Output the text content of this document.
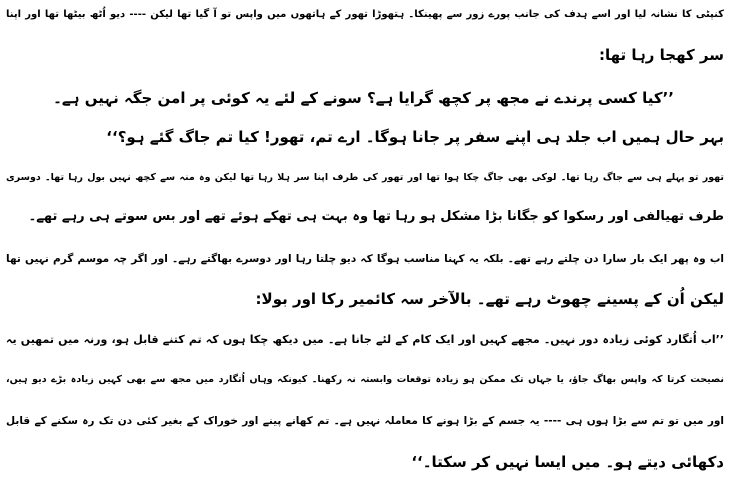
کنپٹی کا نشانہ لیا اور اسے ہدف کی جانب پورے زور سے پھینکا۔ ہتھوڑا تھور کے ہاتھوں میں واپس تو آ گیا تھا لیکن ---- دیو اُٹھ بیٹھا تھا اور اپنا
سر کھجا رہا تھا:
’’کیا کسی پرندے نے مجھ پر کچھ گرایا ہے؟ سونے کے لئے یہ کوئی پر امن جگہ نہیں ہے۔
بہر حال ہمیں اب جلد ہی اپنے سفر پر جانا ہوگا۔ ارے تم، تھور! کیا تم جاگ گئے ہو؟‘‘
تھور تو پہلے ہی سے جاگ رہا تھا۔ لوکی بھی جاگ چکا ہوا تھا اور تھور کی طرف اپنا سر ہلا رہا تھا لیکن وہ منہ سے کچھ نہیں بول رہا تھا۔ دوسری
طرف تھیالفی اور رسکوا کو جگانا بڑا مشکل ہو رہا تھا وہ بہت ہی تھکے ہوئے تھے اور بس سوتے ہی رہے تھے۔
اب وہ پھر ایک بار سارا دن چلتے رہے تھے۔ بلکہ یہ کہنا مناسب ہوگا کہ دیو چلتا رہا اور دوسرے بھاگتے رہے۔ اور اگر چہ موسم گرم نہیں تھا
لیکن اُن کے پسینے چھوٹ رہے تھے۔ بالآخر سہ کائمیر رکا اور بولا:
’’اب اُتگارد کوئی زیادہ دور نہیں۔ مجھے کہیں اور ایک کام کے لئے جانا ہے۔ میں دیکھ چکا ہوں کہ تم کتنے قابل ہو، ورنہ میں تمھیں یہ
نصیحت کرتا کہ واپس بھاگ جاؤ، یا جہاں تک ممکن ہو زیادہ توقعات وابستہ نہ رکھنا۔ کیونکہ وہاں اُتگارد میں مجھ سے بھی کہیں زیادہ بڑے دیو ہیں،
اور میں تو تم سے بڑا ہوں ہی ---- یہ جسم کے بڑا ہونے کا معاملہ نہیں ہے۔ تم کھانے پینے اور خوراک کے بغیر کئی دن تک رہ سکنے کے قابل
دکھائی دیتے ہو۔ میں ایسا نہیں کر سکتا۔‘‘
